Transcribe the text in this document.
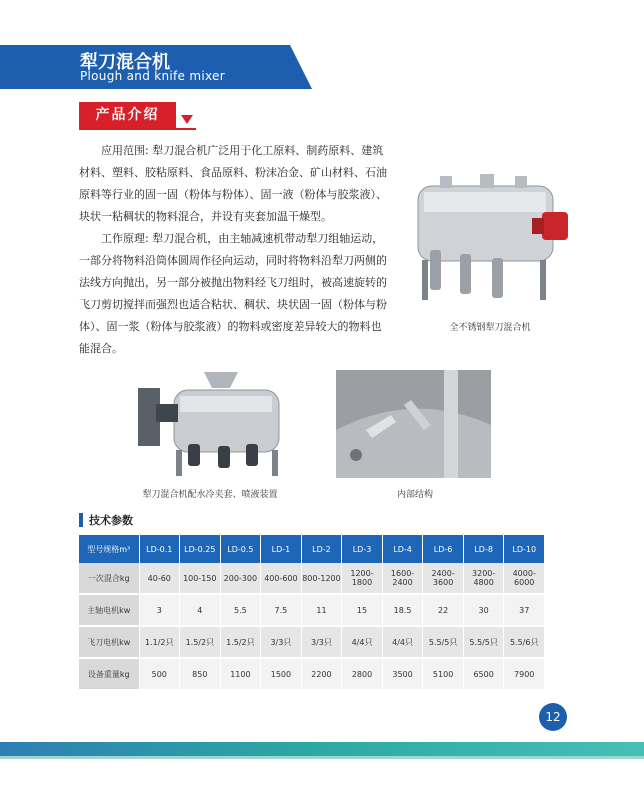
犁刀混合机
Plough and knife mixer
产品介绍

应用范围: 犁刀混合机广泛用于化工原料、制药原料、建筑材料、塑料、胶粘原料、食品原料、粉沫冶金、矿山材料、石油原料等行业的固一固（粉体与粉体）、固一液（粉体与胶浆液）、块状一粘稠状的物料混合，并设有夹套加温干燥型。

工作原理: 犁刀混合机，由主轴减速机带动犁刀组轴运动，一部分将物料沿筒体圆周作径向运动，同时将物料沿犁刀两侧的法线方向抛出，另一部分被抛出物料经飞刀组时，被高速旋转的飞刀剪切搅拌而强烈也适合粘状、稠状、块状固一固（粉体与粉体）、固一浆（粉体与胶浆液）的物料或密度差异较大的物料也能混合。

全不锈钢犁刀混合机
犁刀混合机配水冷夹套、喷液装置	内部结构
技术参数
型号规格m³	LD-0.1	LD-0.25	LD-0.5	LD-1	LD-2	LD-3	LD-4	LD-6	LD-8	LD-10
一次混合kg	40-60	100-150	200-300	400-600	800-1200	1200-1800	1600-2400	2400-3600	3200-4800	4000-6000
主轴电机kw	3	4	5.5	7.5	11	15	18.5	22	30	37
飞刀电机kw	1.1/2只	1.5/2只	1.5/2只	3/3只	3/3只	4/4只	4/4只	5.5/5只	5.5/5只	5.5/6只
设备重量kg	500	850	1100	1500	2200	2800	3500	5100	6500	7900
12
